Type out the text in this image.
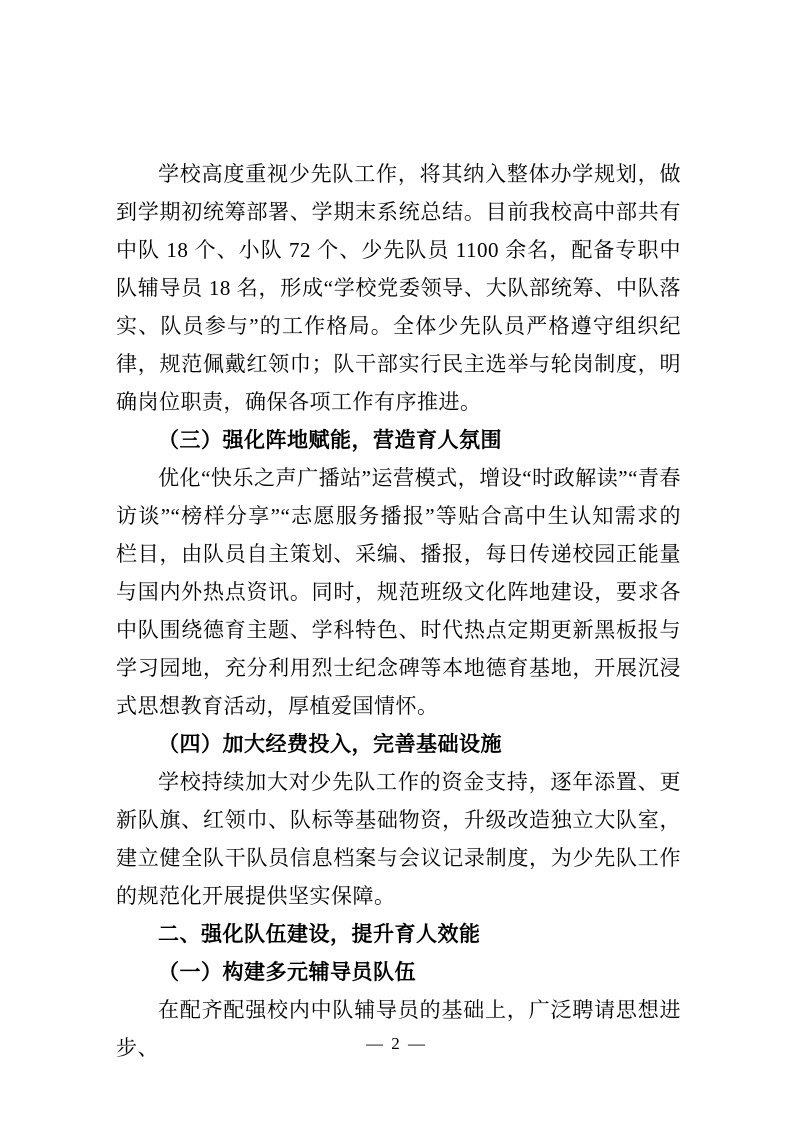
学校高度重视少先队工作，将其纳入整体办学规划，做到学期初统筹部署、学期末系统总结。目前我校高中部共有中队 18 个、小队 72 个、少先队员 1100 余名，配备专职中队辅导员 18 名，形成“学校党委领导、大队部统筹、中队落实、队员参与”的工作格局。全体少先队员严格遵守组织纪律，规范佩戴红领巾；队干部实行民主选举与轮岗制度，明确岗位职责，确保各项工作有序推进。

（三）强化阵地赋能，营造育人氛围

优化“快乐之声广播站”运营模式，增设“时政解读”“青春访谈”“榜样分享”“志愿服务播报”等贴合高中生认知需求的栏目，由队员自主策划、采编、播报，每日传递校园正能量与国内外热点资讯。同时，规范班级文化阵地建设，要求各中队围绕德育主题、学科特色、时代热点定期更新黑板报与学习园地，充分利用烈士纪念碑等本地德育基地，开展沉浸式思想教育活动，厚植爱国情怀。

（四）加大经费投入，完善基础设施

学校持续加大对少先队工作的资金支持，逐年添置、更新队旗、红领巾、队标等基础物资，升级改造独立大队室，建立健全队干队员信息档案与会议记录制度，为少先队工作的规范化开展提供坚实保障。

二、强化队伍建设，提升育人效能

（一）构建多元辅导员队伍

在配齐配强校内中队辅导员的基础上，广泛聘请思想进步、	— 2 —
